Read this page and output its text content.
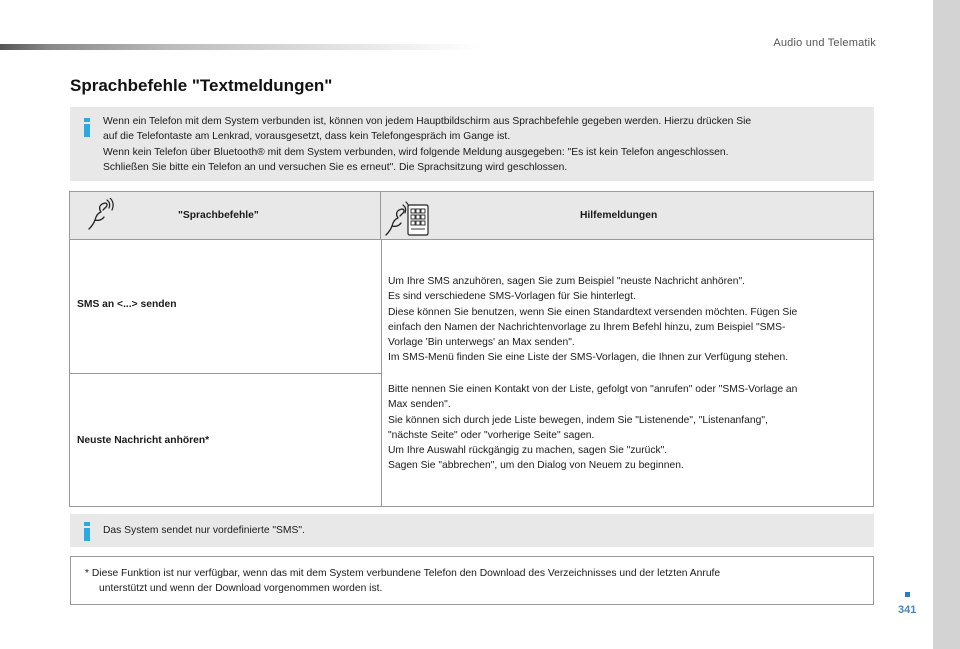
Audio und Telematik
Sprachbefehle "Textmeldungen"

Wenn ein Telefon mit dem System verbunden ist, können von jedem Hauptbildschirm aus Sprachbefehle gegeben werden. Hierzu drücken Sie

auf die Telefontaste am Lenkrad, vorausgesetzt, dass kein Telefongespräch im Gange ist.

Wenn kein Telefon über Bluetooth® mit dem System verbunden, wird folgende Meldung ausgegeben: "Es ist kein Telefon angeschlossen.

Schließen Sie bitte ein Telefon an und versuchen Sie es erneut". Die Sprachsitzung wird geschlossen.

"Sprachbefehle"	Hilfemeldungen
SMS an <...> senden
Neuste Nachricht anhören*

Um Ihre SMS anzuhören, sagen Sie zum Beispiel "neuste Nachricht anhören".

Es sind verschiedene SMS-Vorlagen für Sie hinterlegt.

Diese können Sie benutzen, wenn Sie einen Standardtext versenden möchten. Fügen Sie

einfach den Namen der Nachrichtenvorlage zu Ihrem Befehl hinzu, zum Beispiel "SMS-

Vorlage 'Bin unterwegs' an Max senden".

Im SMS-Menü finden Sie eine Liste der SMS-Vorlagen, die Ihnen zur Verfügung stehen.

Bitte nennen Sie einen Kontakt von der Liste, gefolgt von "anrufen" oder "SMS-Vorlage an

Max senden".

Sie können sich durch jede Liste bewegen, indem Sie "Listenende", "Listenanfang",

"nächste Seite" oder "vorherige Seite" sagen.

Um Ihre Auswahl rückgängig zu machen, sagen Sie "zurück".

Sagen Sie "abbrechen", um den Dialog von Neuem zu beginnen.

Das System sendet nur vordefinierte "SMS".

* Diese Funktion ist nur verfügbar, wenn das mit dem System verbundene Telefon den Download des Verzeichnisses und der letzten Anrufe

unterstützt und wenn der Download vorgenommen worden ist.

341
